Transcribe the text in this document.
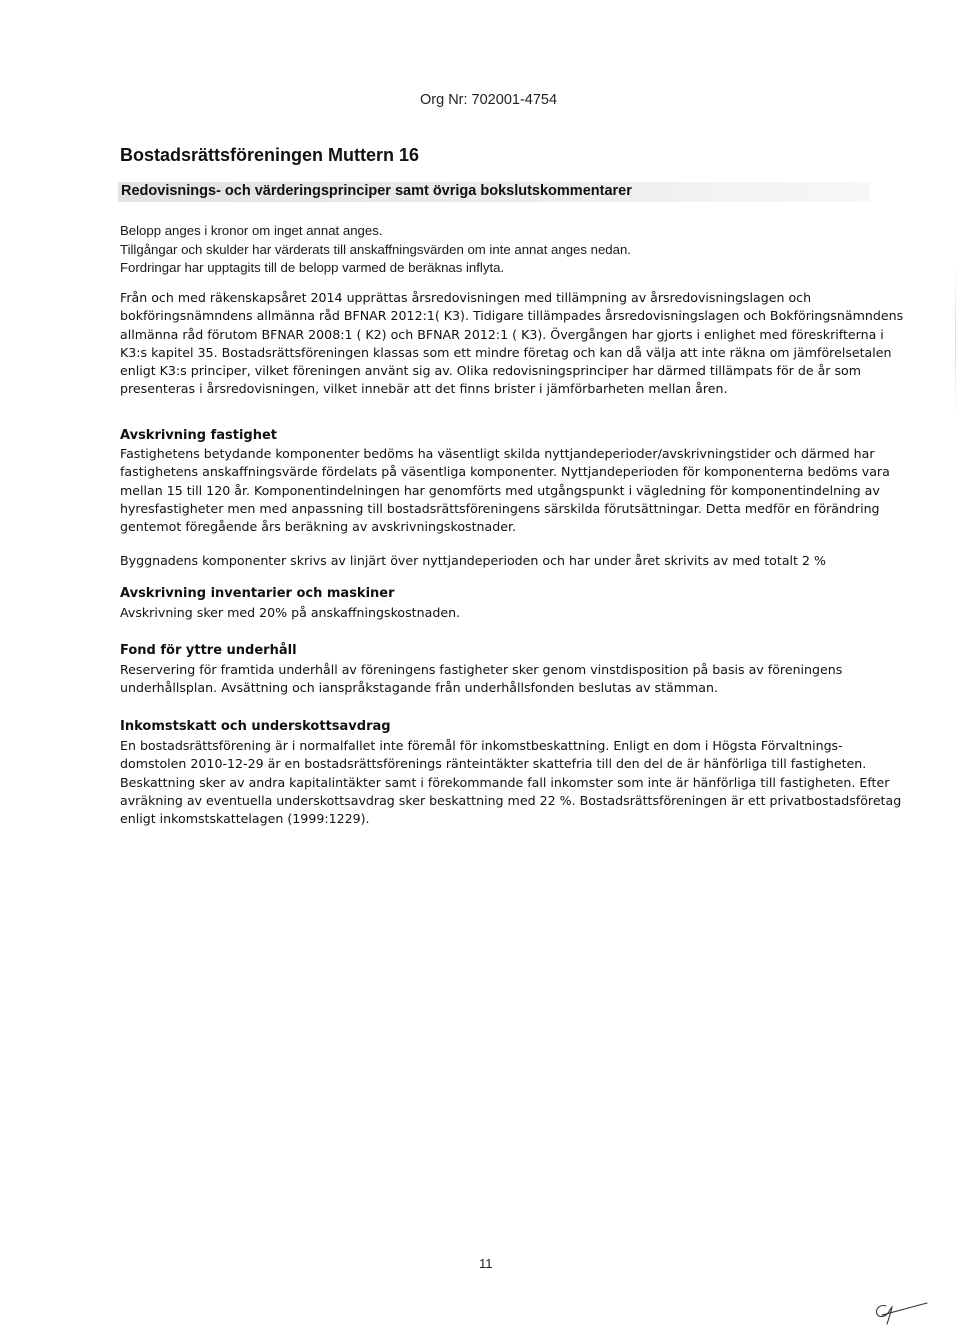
Org Nr: 702001-4754
Bostadsrättsföreningen Muttern 16
Redovisnings- och värderingsprinciper samt övriga bokslutskommentarer
Belopp anges i kronor om inget annat anges.
Tillgångar och skulder har värderats till anskaffningsvärden om inte annat anges nedan.
Fordringar har upptagits till de belopp varmed de beräknas inflyta.
Från och med räkenskapsåret 2014 upprättas årsredovisningen med tillämpning av årsredovisningslagen och
bokföringsnämndens allmänna råd BFNAR 2012:1( K3). Tidigare tillämpades årsredovisningslagen och Bokföringsnämndens
allmänna råd förutom BFNAR 2008:1 ( K2) och BFNAR 2012:1 ( K3). Övergången har gjorts i enlighet med föreskrifterna i
K3:s kapitel 35. Bostadsrättsföreningen klassas som ett mindre företag och kan då välja att inte räkna om jämförelsetalen
enligt K3:s principer, vilket föreningen använt sig av. Olika redovisningsprinciper har därmed tillämpats för de år som
presenteras i årsredovisningen, vilket innebär att det finns brister i jämförbarheten mellan åren.
Avskrivning fastighet
Fastighetens betydande komponenter bedöms ha väsentligt skilda nyttjandeperioder/avskrivningstider och därmed har
fastighetens anskaffningsvärde fördelats på väsentliga komponenter. Nyttjandeperioden för komponenterna bedöms vara
mellan 15 till 120 år. Komponentindelningen har genomförts med utgångspunkt i vägledning för komponentindelning av
hyresfastigheter men med anpassning till bostadsrättsföreningens särskilda förutsättningar. Detta medför en förändring
gentemot föregående års beräkning av avskrivningskostnader.
Byggnadens komponenter skrivs av linjärt över nyttjandeperioden och har under året skrivits av med totalt 2 %
Avskrivning inventarier och maskiner
Avskrivning sker med 20% på anskaffningskostnaden.
Fond för yttre underhåll
Reservering för framtida underhåll av föreningens fastigheter sker genom vinstdisposition på basis av föreningens
underhållsplan. Avsättning och ianspråkstagande från underhållsfonden beslutas av stämman.
Inkomstskatt och underskottsavdrag
En bostadsrättsförening är i normalfallet inte föremål för inkomstbeskattning. Enligt en dom i Högsta Förvaltnings-
domstolen 2010-12-29 är en bostadsrättsförenings ränteintäkter skattefria till den del de är hänförliga till fastigheten.
Beskattning sker av andra kapitalintäkter samt i förekommande fall inkomster som inte är hänförliga till fastigheten. Efter
avräkning av eventuella underskottsavdrag sker beskattning med 22 %. Bostadsrättsföreningen är ett privatbostadsföretag
enligt inkomstskattelagen (1999:1229).
11
